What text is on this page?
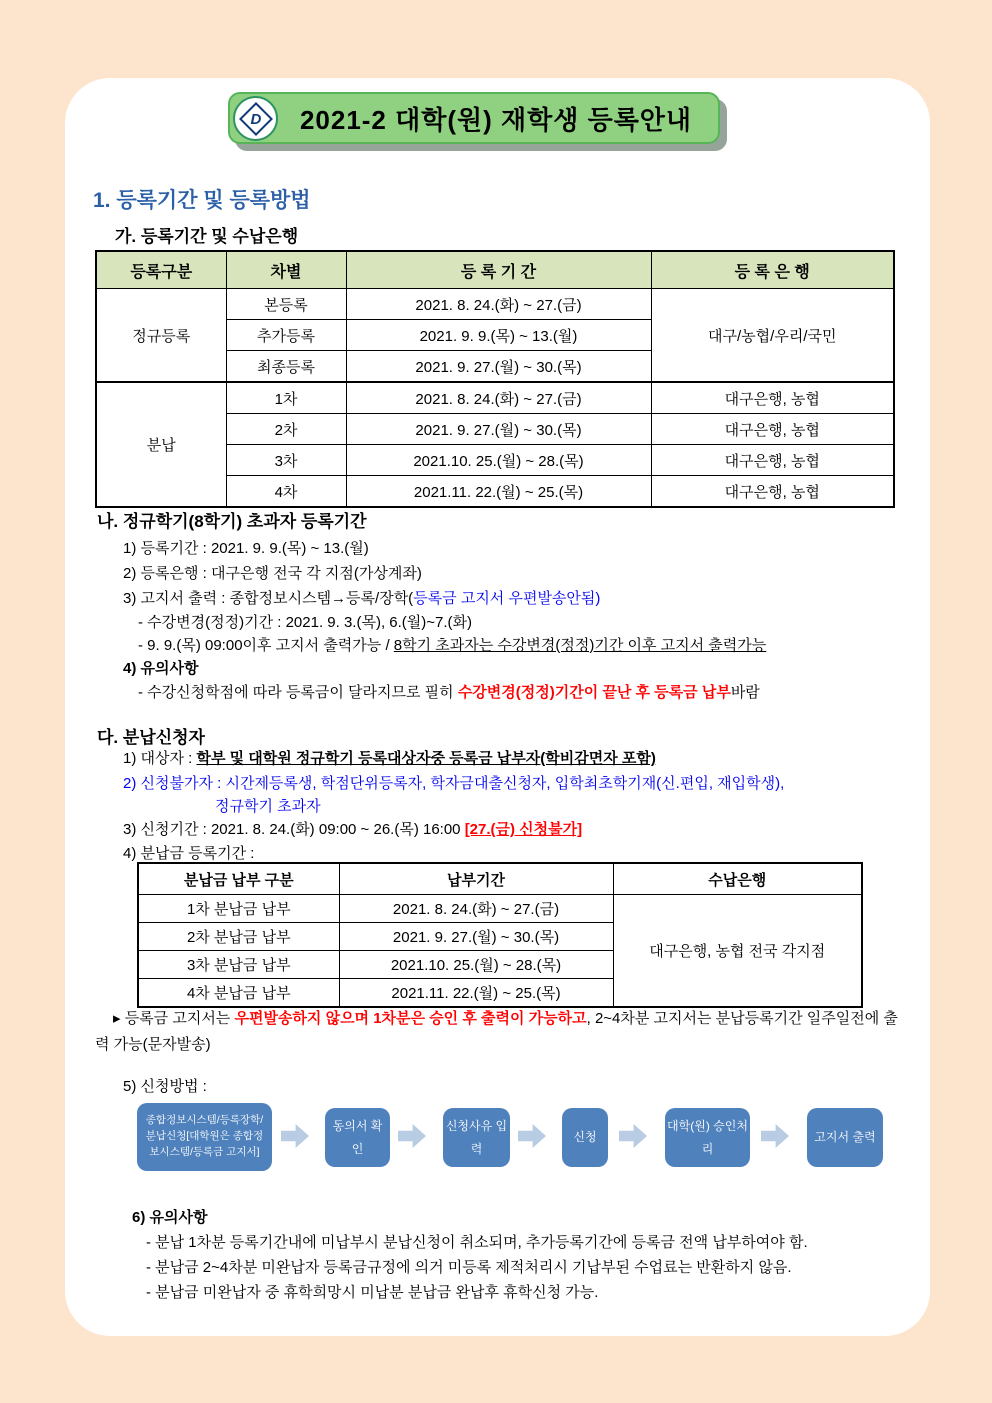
2021-2 대학(원) 재학생 등록안내
D
1. 등록기간 및 등록방법
가. 등록기간 및 수납은행
등록구분	차별	등 록 기 간	등 록 은 행
정규등록	본등록	2021. 8. 24.(화) ~ 27.(금)	대구/농협/우리/국민
	추가등록	2021. 9. 9.(목) ~ 13.(월)	
	최종등록	2021. 9. 27.(월) ~ 30.(목)	
분납	1차	2021. 8. 24.(화) ~ 27.(금)	대구은행, 농협
	2차	2021. 9. 27.(월) ~ 30.(목)	대구은행, 농협
	3차	2021.10. 25.(월) ~ 28.(목)	대구은행, 농협
	4차	2021.11. 22.(월) ~ 25.(목)	대구은행, 농협
나. 정규학기(8학기) 초과자 등록기간
1) 등록기간 : 2021. 9. 9.(목) ~ 13.(월)
2) 등록은행 : 대구은행 전국 각 지점(가상계좌)
3) 고지서 출력 : 종합정보시스템→등록/장학(등록금 고지서 우편발송안됨)
- 수강변경(정정)기간 : 2021. 9. 3.(목), 6.(월)~7.(화)
- 9. 9.(목) 09:00이후 고지서 출력가능 / 8학기 초과자는 수강변경(정정)기간 이후 고지서 출력가능
4) 유의사항
- 수강신청학점에 따라 등록금이 달라지므로 필히 수강변경(정정)기간이 끝난 후 등록금 납부바람
다. 분납신청자
1) 대상자 : 학부 및 대학원 정규학기 등록대상자중 등록금 납부자(학비감면자 포함)
2) 신청불가자 : 시간제등록생, 학점단위등록자, 학자금대출신청자, 입학최초학기재(신.편입, 재입학생),
정규학기 초과자
3) 신청기간 : 2021. 8. 24.(화) 09:00 ~ 26.(목) 16:00 [27.(금) 신청불가]
4) 분납금 등록기간 :
분납금 납부 구분	납부기간	수납은행
1차 분납금 납부	2021. 8. 24.(화) ~ 27.(금)	대구은행, 농협 전국 각지점
2차 분납금 납부	2021. 9. 27.(월) ~ 30.(목)	
3차 분납금 납부	2021.10. 25.(월) ~ 28.(목)	
4차 분납금 납부	2021.11. 22.(월) ~ 25.(목)	
▸ 등록금 고지서는 우편발송하지 않으며 1차분은 승인 후 출력이 가능하고, 2~4차분 고지서는 분납등록기간 일주일전에 출력 가능(문자발송)
5) 신청방법 :
종합정보시스템/등록장학/분납신청[대학원은 종합정보시스템/등록금 고지서]
동의서 확인
신청사유 입력
신청
대학(원) 승인처리
고지서 출력
6) 유의사항
- 분납 1차분 등록기간내에 미납부시 분납신청이 취소되며, 추가등록기간에 등록금 전액 납부하여야 함.
- 분납금 2~4차분 미완납자 등록금규정에 의거 미등록 제적처리시 기납부된 수업료는 반환하지 않음.
- 분납금 미완납자 중 휴학희망시 미납분 분납금 완납후 휴학신청 가능.
